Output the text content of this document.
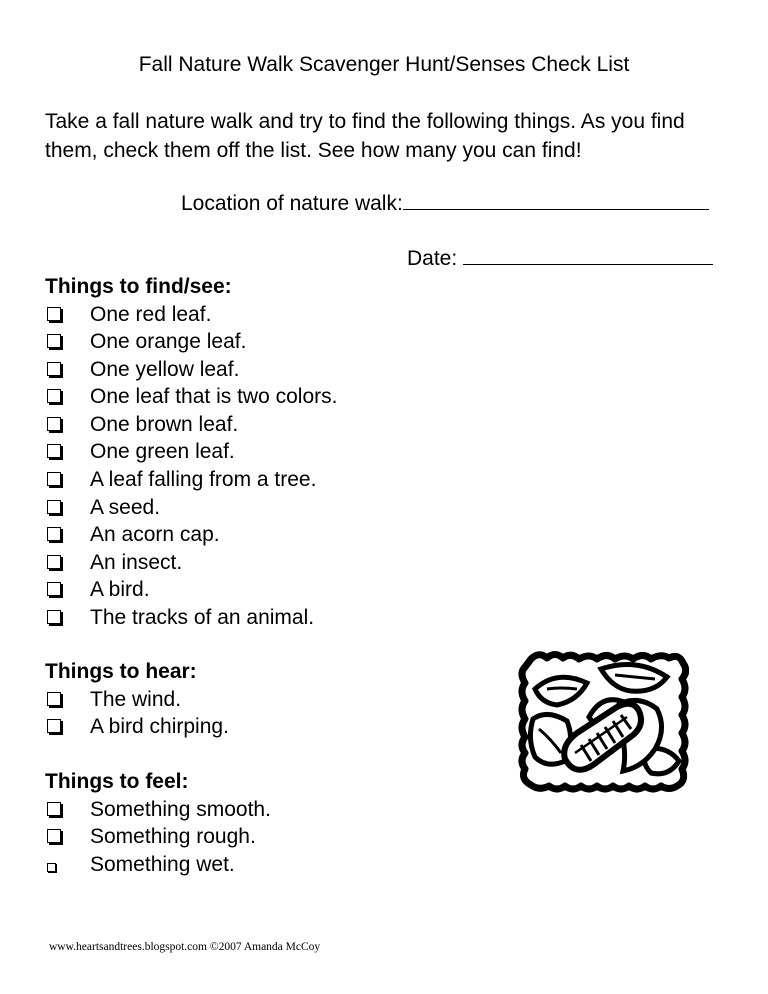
Fall Nature Walk Scavenger Hunt/Senses Check List
Take a fall nature walk and try to find the following things. As you find them, check them off the list. See how many you can find!
Location of nature walk:
Date:
Things to find/see:
One red leaf.
One orange leaf.
One yellow leaf.
One leaf that is two colors.
One brown leaf.
One green leaf.
A leaf falling from a tree.
A seed.
An acorn cap.
An insect.
A bird.
The tracks of an animal.
Things to hear:
The wind.
A bird chirping.
Things to feel:
Something smooth.
Something rough.
Something wet.
www.heartsandtrees.blogspot.com ©2007 Amanda McCoy
